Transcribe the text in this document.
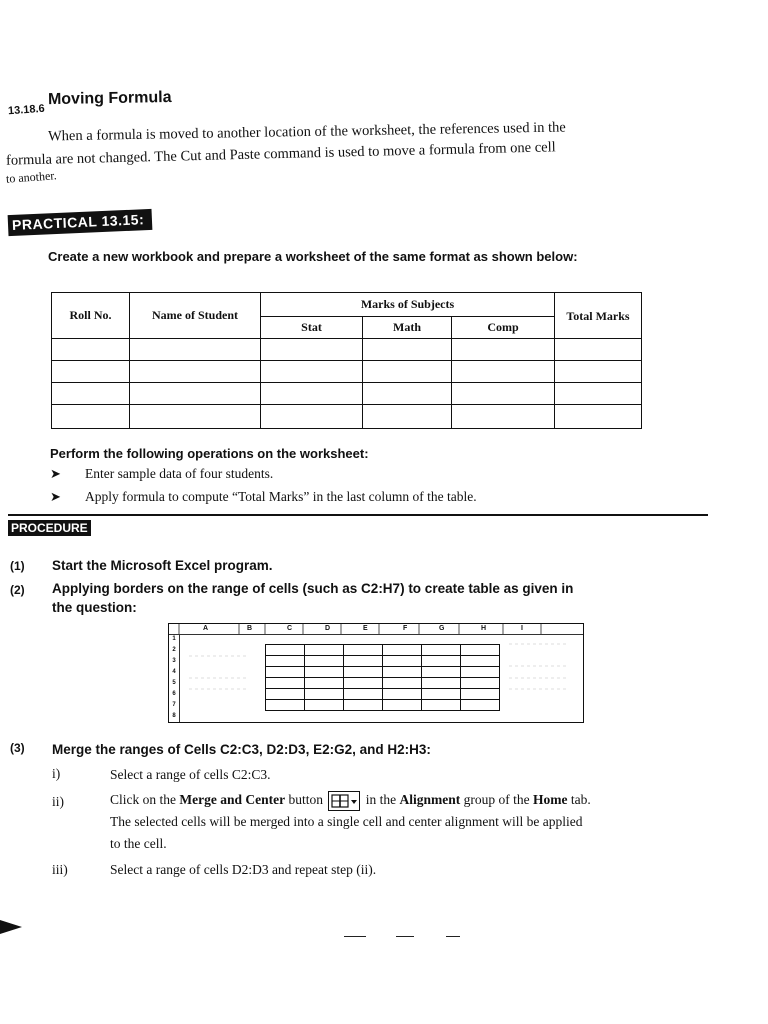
13.18.6
Moving Formula
When a formula is moved to another location of the worksheet, the references used in the
formula are not changed. The Cut and Paste command is used to move a formula from one cell
to another.
PRACTICAL 13.15:
Create a new workbook and prepare a worksheet of the same format as shown below:
Roll No.	Name of Student	Marks of Subjects			Total Marks
		Stat	Math	Comp	

Perform the following operations on the worksheet:
➤ Enter sample data of four students.
➤ Apply formula to compute “Total Marks” in the last column of the table.
PROCEDURE
(1) Start the Microsoft Excel program.
(2) Applying borders on the range of cells (such as C2:H7) to create table as given in
the question:
A	B	C	D	E	F	G	H	I
1
2
3
4
5
6
7
8

(3) Merge the ranges of Cells C2:C3, D2:D3, E2:G2, and H2:H3:
i)	Select a range of cells C2:C3.
ii)	Click on the Merge and Center button	in the Alignment group of the Home tab.
The selected cells will be merged into a single cell and center alignment will be applied
to the cell.
iii)	Select a range of cells D2:D3 and repeat step (ii).
